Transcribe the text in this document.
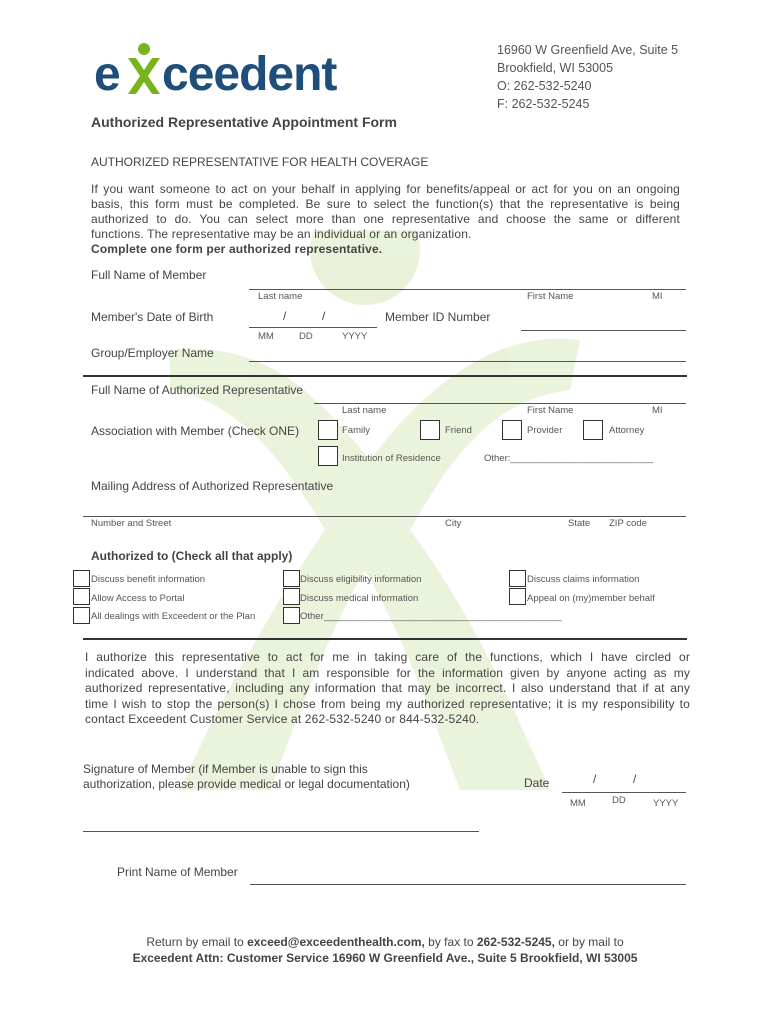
e ceedent	16960 W Greenfield Ave, Suite 5
Brookfield, WI 53005
O: 262-532-5240
F: 262-532-5245
Authorized Representative Appointment Form
AUTHORIZED REPRESENTATIVE FOR HEALTH COVERAGE
If you want someone to act on your behalf in applying for benefits/appeal or act for you on an ongoing
basis, this form must be completed. Be sure to select the function(s) that the representative is being
authorized to do. You can select more than one representative and choose the same or different
functions. The representative may be an individual or an organization.
Complete one form per authorized representative.
Full Name of Member
Last name	First Name	MI
Member's Date of Birth	/	/
MM	DD	YYYY
Member ID Number
Group/Employer Name
Full Name of Authorized Representative
Last name	First Name	MI
Association with Member (Check ONE)	Family	Friend	Provider	Attorney
Institution of Residence	Other:___________________________
Mailing Address of Authorized Representative
Number and Street	City	State ZIP code
Authorized to (Check all that apply)
Discuss benefit information	Discuss eligibility information	Discuss claims information
Allow Access to Portal	Discuss medical information	Appeal on (my)member behalf
All dealings with Exceedent or the Plan	Other_____________________________________________
I authorize this representative to act for me in taking care of the functions, which I have circled or
indicated above. I understand that I am responsible for the information given by anyone acting as my
authorized representative, including any information that may be incorrect. I also understand that if at any
time I wish to stop the person(s) I chose from being my authorized representative; it is my responsibility to
contact Exceedent Customer Service at 262-532-5240 or 844-532-5240.
Signature of Member (if Member is unable to sign this
authorization, please provide medical or legal documentation)	Date	/	/
MM	DD	YYYY
Print Name of Member
Return by email to exceed@exceedenthealth.com, by fax to 262-532-5245, or by mail to
Exceedent Attn: Customer Service 16960 W Greenfield Ave., Suite 5 Brookfield, WI 53005
